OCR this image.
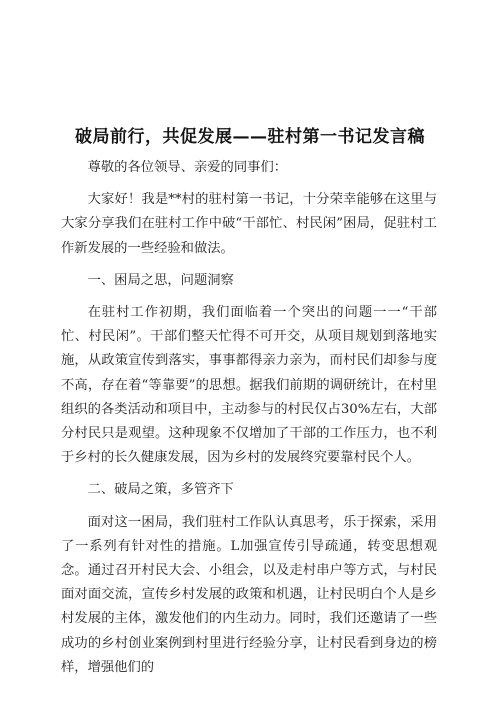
破局前行，共促发展——驻村第一书记发言稿

尊敬的各位领导、亲爱的同事们：

大家好！我是**村的驻村第一书记，十分荣幸能够在这里与大家分享我们在驻村工作中破“干部忙、村民闲”困局，促驻村工作新发展的一些经验和做法。

一、困局之思，问题洞察

在驻村工作初期，我们面临着一个突出的问题一一“干部忙、村民闲”。干部们整天忙得不可开交，从项目规划到落地实施，从政策宣传到落实，事事都得亲力亲为，而村民们却参与度不高，存在着“等靠要”的思想。据我们前期的调研统计，在村里组织的各类活动和项目中，主动参与的村民仅占30%左右，大部分村民只是观望。这种现象不仅增加了干部的工作压力，也不利于乡村的长久健康发展，因为乡村的发展终究要靠村民个人。

二、破局之策，多管齐下

面对这一困局，我们驻村工作队认真思考，乐于探索，采用了一系列有针对性的措施。L加强宣传引导疏通，转变思想观念。通过召开村民大会、小组会，以及走村串户等方式，与村民面对面交流，宣传乡村发展的政策和机遇，让村民明白个人是乡村发展的主体，激发他们的内生动力。同时，我们还邀请了一些成功的乡村创业案例到村里进行经验分享，让村民看到身边的榜样，增强他们的
